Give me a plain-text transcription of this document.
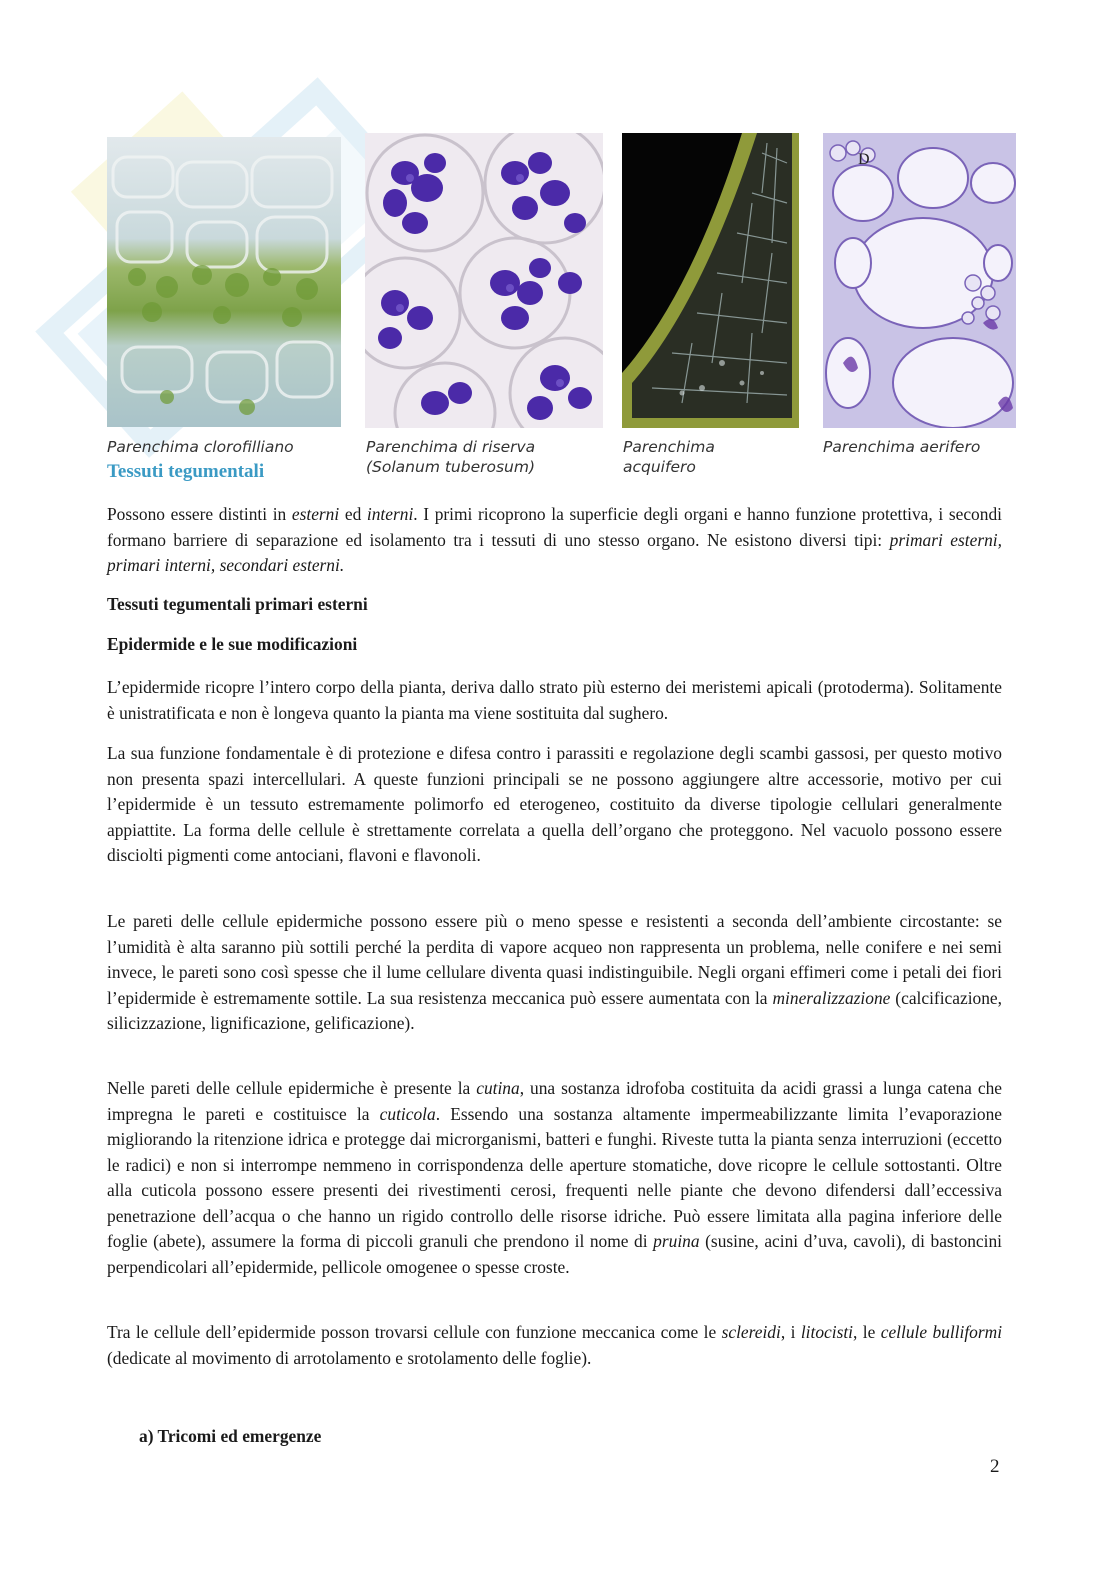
D
Parenchima clorofilliano	Parenchima di riserva
(Solanum tuberosum)
Parenchima
acquifero
Parenchima aerifero
Tessuti tegumentali

Possono essere distinti in esterni ed interni. I primi ricoprono la superficie degli organi e hanno funzione protettiva, i secondi formano barriere di separazione ed isolamento tra i tessuti di uno stesso organo. Ne esistono diversi tipi: primari esterni, primari interni, secondari esterni.

Tessuti tegumentali primari esterni
Epidermide e le sue modificazioni

L’epidermide ricopre l’intero corpo della pianta, deriva dallo strato più esterno dei meristemi apicali (protoderma). Solitamente è unistratificata e non è longeva quanto la pianta ma viene sostituita dal sughero.

La sua funzione fondamentale è di protezione e difesa contro i parassiti e regolazione degli scambi gassosi, per questo motivo non presenta spazi intercellulari. A queste funzioni principali se ne possono aggiungere altre accessorie, motivo per cui l’epidermide è un tessuto estremamente polimorfo ed eterogeneo, costituito da diverse tipologie cellulari generalmente appiattite. La forma delle cellule è strettamente correlata a quella dell’organo che proteggono. Nel vacuolo possono essere disciolti pigmenti come antociani, flavoni e flavonoli.

Le pareti delle cellule epidermiche possono essere più o meno spesse e resistenti a seconda dell’ambiente circostante: se l’umidità è alta saranno più sottili perché la perdita di vapore acqueo non rappresenta un problema, nelle conifere e nei semi invece, le pareti sono così spesse che il lume cellulare diventa quasi indistinguibile. Negli organi effimeri come i petali dei fiori l’epidermide è estremamente sottile. La sua resistenza meccanica può essere aumentata con la mineralizzazione (calcificazione, silicizzazione, lignificazione, gelificazione).

Nelle pareti delle cellule epidermiche è presente la cutina, una sostanza idrofoba costituita da acidi grassi a lunga catena che impregna le pareti e costituisce la cuticola. Essendo una sostanza altamente impermeabilizzante limita l’evaporazione migliorando la ritenzione idrica e protegge dai microrganismi, batteri e funghi. Riveste tutta la pianta senza interruzioni (eccetto le radici) e non si interrompe nemmeno in corrispondenza delle aperture stomatiche, dove ricopre le cellule sottostanti. Oltre alla cuticola possono essere presenti dei rivestimenti cerosi, frequenti nelle piante che devono difendersi dall’eccessiva penetrazione dell’acqua o che hanno un rigido controllo delle risorse idriche. Può essere limitata alla pagina inferiore delle foglie (abete), assumere la forma di piccoli granuli che prendono il nome di pruina (susine, acini d’uva, cavoli), di bastoncini perpendicolari all’epidermide, pellicole omogenee o spesse croste.

Tra le cellule dell’epidermide posson trovarsi cellule con funzione meccanica come le sclereidi, i litocisti, le cellule bulliformi (dedicate al movimento di arrotolamento e srotolamento delle foglie).

a) Tricomi ed emergenze

2
